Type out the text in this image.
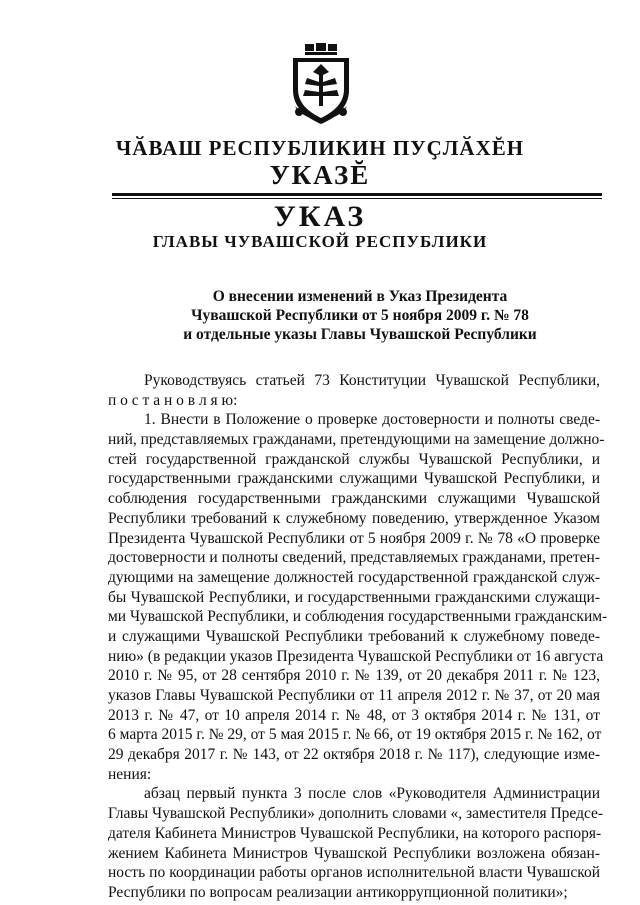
ЧӐВАШ РЕСПУБЛИКИН ПУҪЛӐХĔН
УКАЗĔ
УКАЗ
ГЛАВЫ ЧУВАШСКОЙ РЕСПУБЛИКИ
О внесении изменений в Указ Президента
Чувашской Республики от 5 ноября 2009 г. № 78
и отдельные указы Главы Чувашской Республики
Руководствуясь статьей 73 Конституции Чувашской Республики,
п о с т а н о в л я ю:
1. Внести в Положение о проверке достоверности и полноты сведе-
ний, представляемых гражданами, претендующими на замещение должно-
стей государственной гражданской службы Чувашской Республики, и
государственными гражданскими служащими Чувашской Республики, и
соблюдения государственными гражданскими служащими Чувашской
Республики требований к служебному поведению, утвержденное Указом
Президента Чувашской Республики от 5 ноября 2009 г. № 78 «О проверке
достоверности и полноты сведений, представляемых гражданами, претен-
дующими на замещение должностей государственной гражданской служ-
бы Чувашской Республики, и государственными гражданскими служащи-
ми Чувашской Республики, и соблюдения государственными гражданским-
и служащими Чувашской Республики требований к служебному поведе-
нию» (в редакции указов Президента Чувашской Республики от 16 августа
2010 г. № 95, от 28 сентября 2010 г. № 139, от 20 декабря 2011 г. № 123,
указов Главы Чувашской Республики от 11 апреля 2012 г. № 37, от 20 мая
2013 г. № 47, от 10 апреля 2014 г. № 48, от 3 октября 2014 г. № 131, от
6 марта 2015 г. № 29, от 5 мая 2015 г. № 66, от 19 октября 2015 г. № 162, от
29 декабря 2017 г. № 143, от 22 октября 2018 г. № 117), следующие изме-
нения:
абзац первый пункта 3 после слов «Руководителя Администрации
Главы Чувашской Республики» дополнить словами «, заместителя Предсе-
дателя Кабинета Министров Чувашской Республики, на которого распоря-
жением Кабинета Министров Чувашской Республики возложена обязан-
ность по координации работы органов исполнительной власти Чувашской
Республики по вопросам реализации антикоррупционной политики»;
